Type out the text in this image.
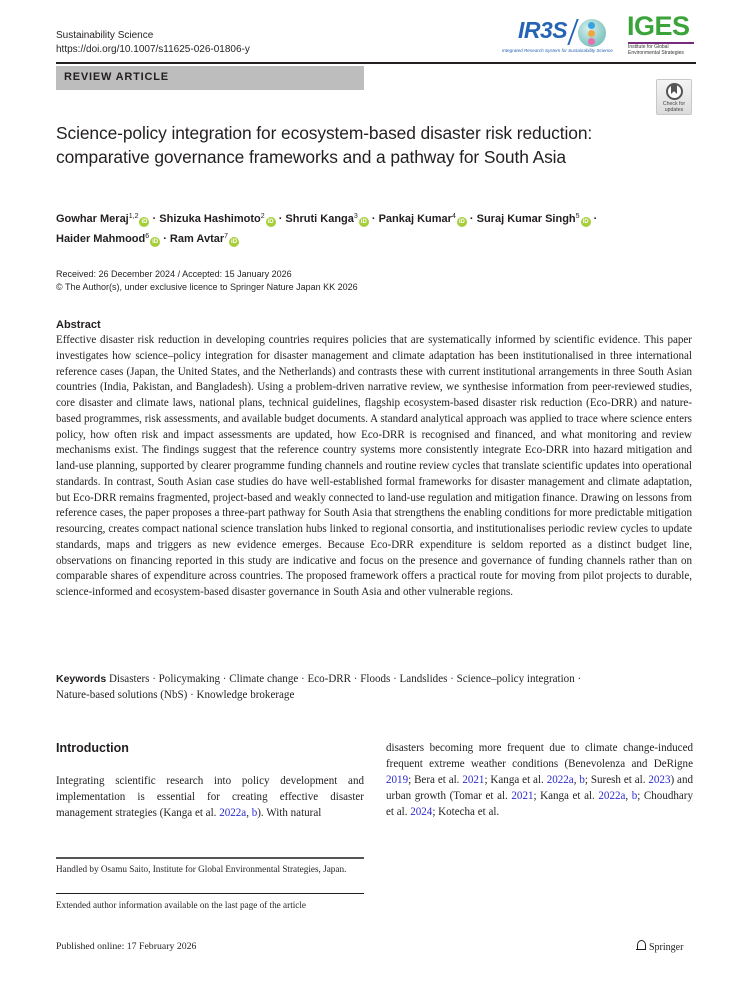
Sustainability Science
https://doi.org/10.1007/s11625-026-01806-y
IR3S
Integrated Research System for Sustainability Science
IGES
Institute for Global
Environmental Strategies
REVIEW ARTICLE
Check for
updates
Science-policy integration for ecosystem-based disaster risk reduction: comparative governance frameworks and a pathway for South Asia
Gowhar Meraj$^{1,2}$iD · Shizuka Hashimoto$^2$iD · Shruti Kanga$^3$iD · Pankaj Kumar$^4$iD · Suraj Kumar Singh$^5$iD ·
Haider Mahmood$^6$iD · Ram Avtar$^7$iD
Received: 26 December 2024 / Accepted: 15 January 2026
© The Author(s), under exclusive licence to Springer Nature Japan KK 2026
Abstract

Effective disaster risk reduction in developing countries requires policies that are systematically informed by scientific evidence. This paper investigates how science–policy integration for disaster management and climate adaptation has been institutionalised in three international reference cases (Japan, the United States, and the Netherlands) and contrasts these with current institutional arrangements in three South Asian countries (India, Pakistan, and Bangladesh). Using a problem-driven narrative review, we synthesise information from peer-reviewed studies, core disaster and climate laws, national plans, technical guidelines, flagship ecosystem-based disaster risk reduction (Eco-DRR) and nature-based programmes, risk assessments, and available budget documents. A standard analytical approach was applied to trace where science enters policy, how often risk and impact assessments are updated, how Eco-DRR is recognised and financed, and what monitoring and review mechanisms exist. The findings suggest that the reference country systems more consistently integrate Eco-DRR into hazard mitigation and land-use planning, supported by clearer programme funding channels and routine review cycles that translate scientific updates into operational standards. In contrast, South Asian case studies do have well-established formal frameworks for disaster management and climate adaptation, but Eco-DRR remains fragmented, project-based and weakly connected to land-use regulation and mitigation finance. Drawing on lessons from reference cases, the paper proposes a three-part pathway for South Asia that strengthens the enabling conditions for more predictable mitigation resourcing, creates compact national science translation hubs linked to regional consortia, and institutionalises periodic review cycles to update standards, maps and triggers as new evidence emerges. Because Eco-DRR expenditure is seldom reported as a distinct budget line, observations on financing reported in this study are indicative and focus on the presence and governance of funding channels rather than on comparable shares of expenditure across countries. The proposed framework offers a practical route for moving from pilot projects to durable, science-informed and ecosystem-based disaster governance in South Asia and other vulnerable regions.

Keywords Disasters · Policymaking · Climate change · Eco-DRR · Floods · Landslides · Science–policy integration ·
Nature-based solutions (NbS) · Knowledge brokerage
Introduction

Integrating scientific research into policy development and implementation is essential for creating effective disaster management strategies (Kanga et al. 2022a, b). With natural

disasters becoming more frequent due to climate change-induced frequent extreme weather conditions (Benevolenza and DeRigne 2019; Bera et al. 2021; Kanga et al. 2022a, b; Suresh et al. 2023) and urban growth (Tomar et al. 2021; Kanga et al. 2022a, b; Choudhary et al. 2024; Kotecha et al.

Handled by Osamu Saito, Institute for Global Environmental Strategies, Japan.
Extended author information available on the last page of the article
Published online: 17 February 2026	Springer
